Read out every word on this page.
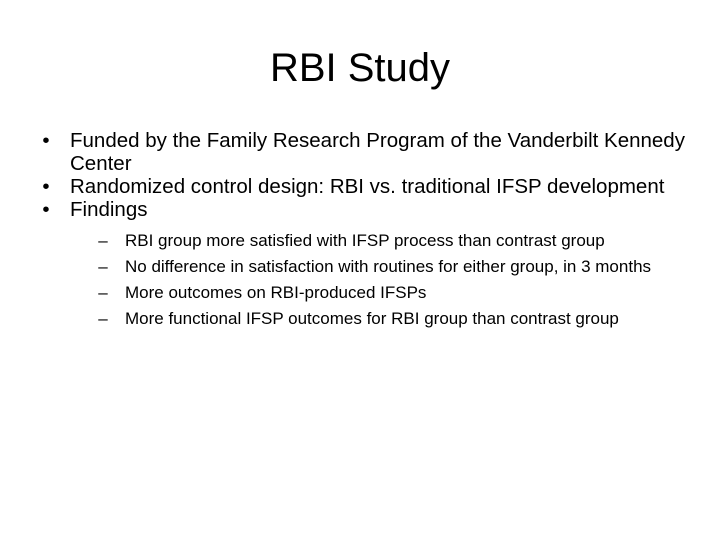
RBI Study
• Funded by the Family Research Program of the Vanderbilt Kennedy Center
• Randomized control design: RBI vs. traditional IFSP development
• Findings
–	RBI group more satisfied with IFSP process than contrast group
–	No difference in satisfaction with routines for either group, in 3 months
–	More outcomes on RBI-produced IFSPs
–	More functional IFSP outcomes for RBI group than contrast group
